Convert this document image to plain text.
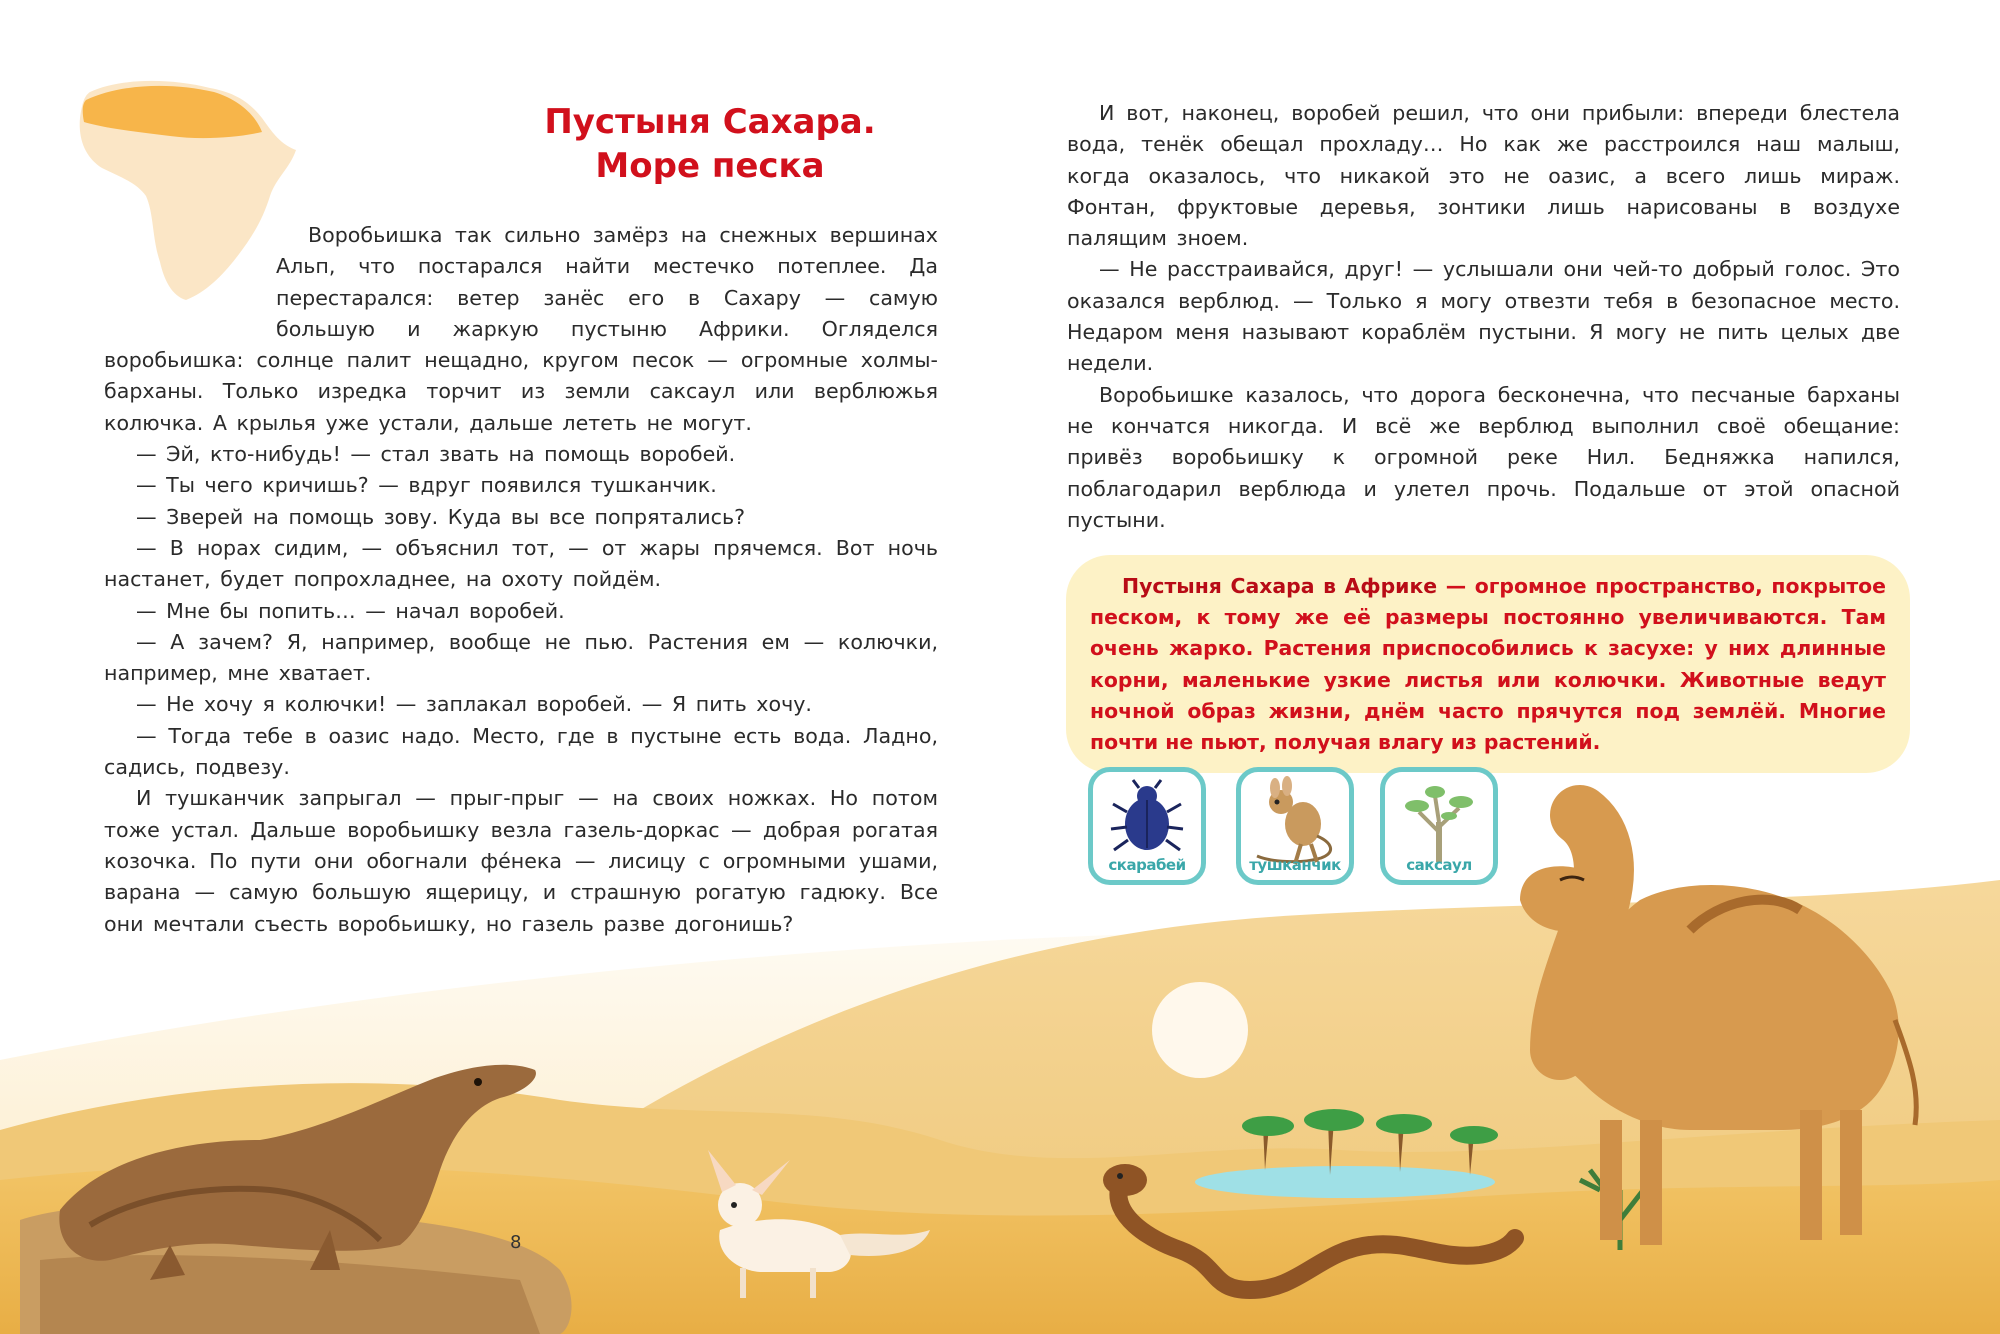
Пустыня Сахара.
Море песка

Воробьишка так сильно замёрз на снежных вершинах Альп, что постарался найти местечко потеплее. Да перестарался: ветер занёс его в Сахару — самую большую и жаркую пустыню Африки. Огляделся воробьишка: солнце палит нещадно, кругом песок — огромные холмы-барханы. Только изредка торчит из земли саксаул или верблюжья колючка. А крылья уже устали, дальше лететь не могут.

— Эй, кто-нибудь! — стал звать на помощь воробей.

— Ты чего кричишь? — вдруг появился тушканчик.

— Зверей на помощь зову. Куда вы все попрятались?

— В норах сидим, — объяснил тот, — от жары прячемся. Вот ночь настанет, будет попрохладнее, на охоту пойдём.

— Мне бы попить… — начал воробей.

— А зачем? Я, например, вообще не пью. Растения ем — колючки, например, мне хватает.

— Не хочу я колючки! — заплакал воробей. — Я пить хочу.

— Тогда тебе в оазис надо. Место, где в пустыне есть вода. Ладно, садись, подвезу.

И тушканчик запрыгал — прыг-прыг — на своих ножках. Но потом тоже устал. Дальше воробьишку везла газель-доркас — добрая рогатая козочка. По пути они обогнали фе́нека — лисицу с огромными ушами, варана — самую большую ящерицу, и страшную рогатую гадюку. Все они мечтали съесть воробьишку, но газель разве догонишь?

И вот, наконец, воробей решил, что они прибыли: впереди блестела вода, тенёк обещал прохладу… Но как же расстроился наш малыш, когда оказалось, что никакой это не оазис, а всего лишь мираж. Фонтан, фруктовые деревья, зонтики лишь нарисованы в воздухе палящим зноем.

— Не расстраивайся, друг! — услышали они чей-то добрый голос. Это оказался верблюд. — Только я могу отвезти тебя в безопасное место. Недаром меня называют кораблём пустыни. Я могу не пить целых две недели.

Воробьишке казалось, что дорога бесконечна, что песчаные барханы не кончатся никогда. И всё же верблюд выполнил своё обещание: привёз воробьишку к огромной реке Нил. Бедняжка напился, поблагодарил верблюда и улетел прочь. Подальше от этой опасной пустыни.

Пустыня Сахара в Африке — огромное пространство, покрытое песком, к тому же её размеры постоянно увеличиваются. Там очень жарко. Растения приспособились к засухе: у них длинные корни, маленькие узкие листья или колючки. Животные ведут ночной образ жизни, днём часто прячутся под землёй. Многие почти не пьют, получая влагу из растений.
скарабей	тушканчик	саксаул
8
